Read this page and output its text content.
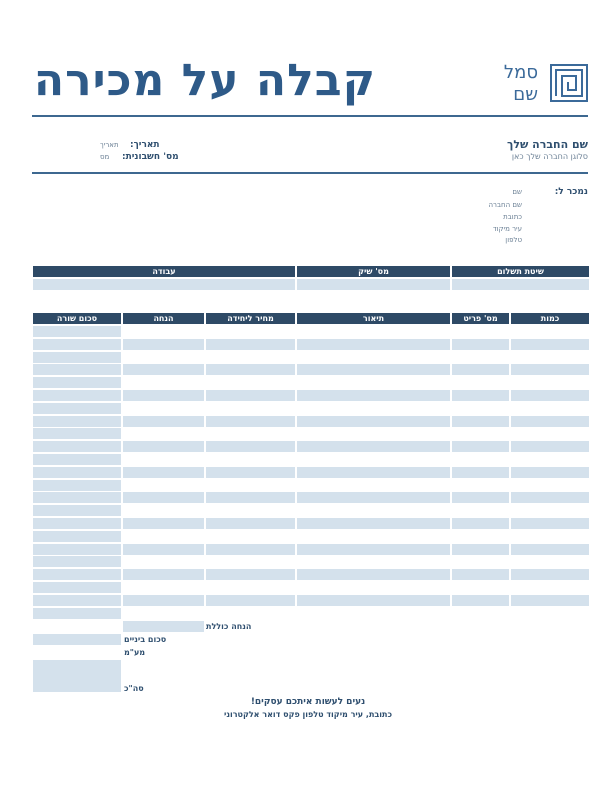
קבלה על מכירה	סמל
שם
שם החברה שלך
סלוגן החברה שלך כאן
תאריך:
תאריך
מס' חשבונית:
מס
נמכר ל:
שם
שם החברה
כתובת
עיר מיקוד
טלפון
שיטת תשלום
מס' שיק
עבודה
כמות
מס' פריט
תיאור
מחיר ליחידה
הנחה
סכום שורה
הנחה כוללת
סכום ביניים
מע"מ
סה"כ
נעים לעשות איתכם עסקים!
כתובת, עיר מיקוד טלפון פקס דואר אלקטרוני
